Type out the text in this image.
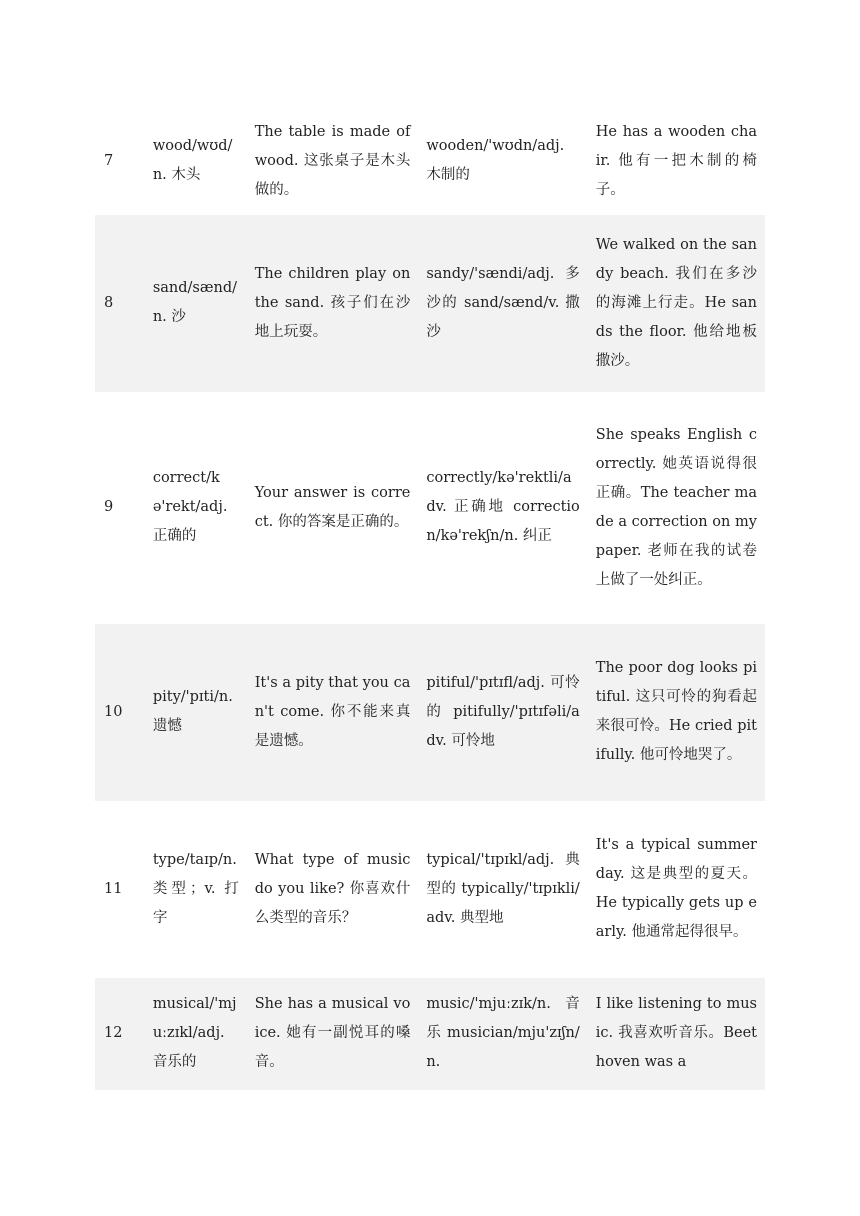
7	wood/wʊd/n. 木头	The table is made of wood. 这张桌子是木头做的。	wooden/'wʊdn/adj. 木制的	He has a wooden chair. 他有一把木制的椅子。
8	sand/sænd/n. 沙	The children play on the sand. 孩子们在沙地上玩耍。	sandy/'sændi/adj. 多沙的 sand/sænd/v. 撒沙	We walked on the sandy beach. 我们在多沙的海滩上行走。He sands the floor. 他给地板撒沙。
9	correct/kə'rekt/adj. 正确的	Your answer is correct. 你的答案是正确的。	correctly/kə'rektli/adv. 正确地 correction/kə'rekʃn/n. 纠正	She speaks English correctly. 她英语说得很正确。The teacher made a correction on my paper. 老师在我的试卷上做了一处纠正。
10	pity/'pɪti/n. 遗憾	It's a pity that you can't come. 你不能来真是遗憾。	pitiful/'pɪtɪfl/adj. 可怜的 pitifully/'pɪtɪfəli/adv. 可怜地	The poor dog looks pitiful. 这只可怜的狗看起来很可怜。He cried pitifully. 他可怜地哭了。
11	type/taɪp/n. 类型；v. 打字	What type of music do you like? 你喜欢什么类型的音乐？	typical/'tɪpɪkl/adj. 典型的 typically/'tɪpɪkli/adv. 典型地	It's a typical summer day. 这是典型的夏天。He typically gets up early. 他通常起得很早。
12	musical/'mjuːzɪkl/adj. 音乐的	She has a musical voice. 她有一副悦耳的嗓音。	music/'mjuːzɪk/n. 音乐 musician/mju'zɪʃn/n.	I like listening to music. 我喜欢听音乐。Beethoven was a
